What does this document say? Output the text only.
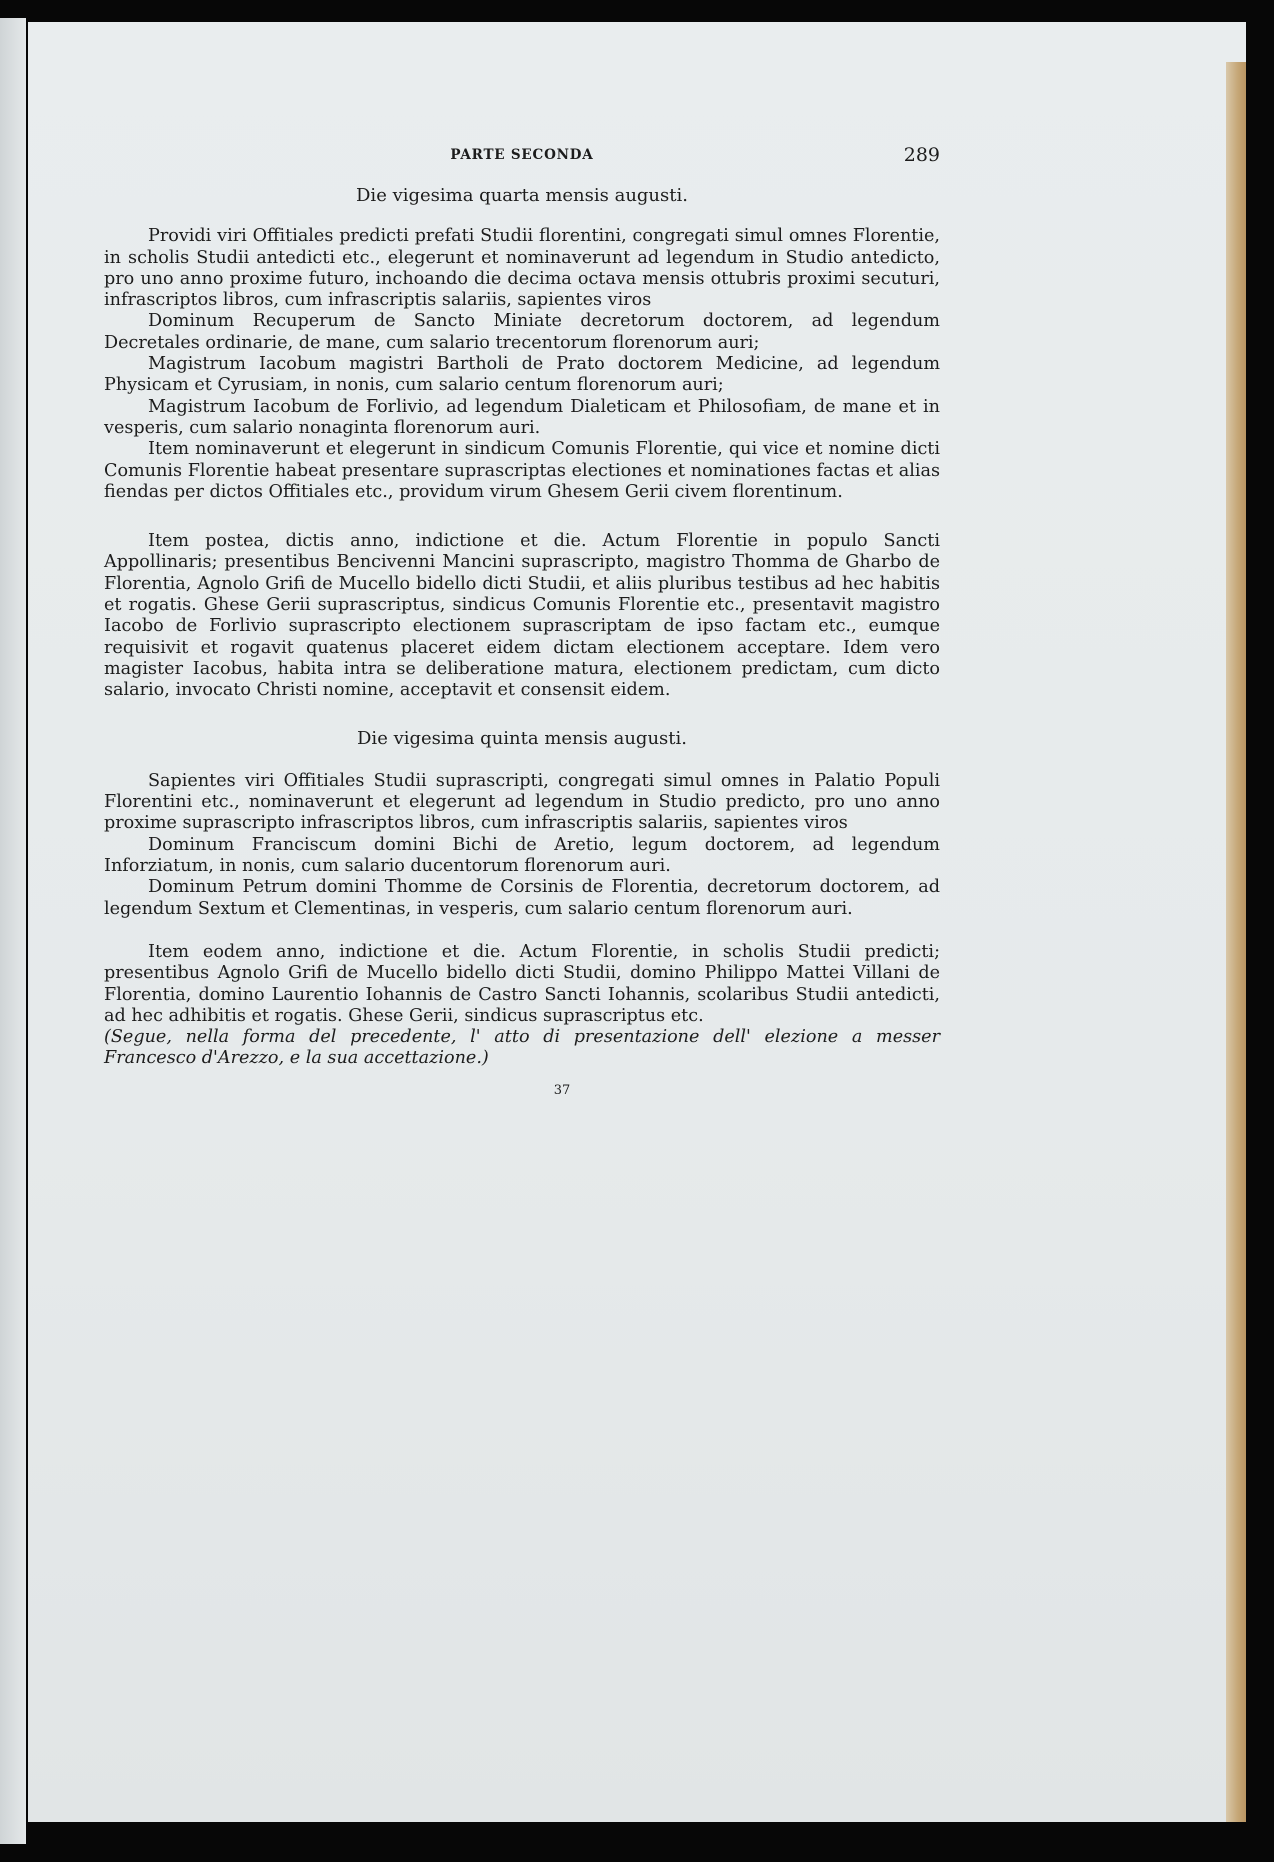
PARTE SECONDA	289
Die vigesima quarta mensis augusti.

Providi viri Offitiales predicti prefati Studii florentini, congregati simul omnes Florentie, in scholis Studii antedicti etc., elegerunt et nominaverunt ad legendum in Studio antedicto, pro uno anno proxime futuro, inchoando die decima octava mensis ottubris proximi secuturi, infrascriptos libros, cum infrascriptis salariis, sapientes viros

Dominum Recuperum de Sancto Miniate decretorum doctorem, ad legendum Decretales ordinarie, de mane, cum salario trecentorum florenorum auri;

Magistrum Iacobum magistri Bartholi de Prato doctorem Medicine, ad legendum Physicam et Cyrusiam, in nonis, cum salario centum florenorum auri;

Magistrum Iacobum de Forlivio, ad legendum Dialeticam et Philosofiam, de mane et in vesperis, cum salario nonaginta florenorum auri.

Item nominaverunt et elegerunt in sindicum Comunis Florentie, qui vice et nomine dicti Comunis Florentie habeat presentare suprascriptas electiones et nominationes factas et alias fiendas per dictos Offitiales etc., providum virum Ghesem Gerii civem florentinum.

Item postea, dictis anno, indictione et die. Actum Florentie in populo Sancti Appollinaris; presentibus Bencivenni Mancini suprascripto, magistro Thomma de Gharbo de Florentia, Agnolo Grifi de Mucello bidello dicti Studii, et aliis pluribus testibus ad hec habitis et rogatis. Ghese Gerii suprascriptus, sindicus Comunis Florentie etc., presentavit magistro Iacobo de Forlivio suprascripto electionem suprascriptam de ipso factam etc., eumque requisivit et rogavit quatenus placeret eidem dictam electionem acceptare. Idem vero magister Iacobus, habita intra se deliberatione matura, electionem predictam, cum dicto salario, invocato Christi nomine, acceptavit et consensit eidem.

Die vigesima quinta mensis augusti.

Sapientes viri Offitiales Studii suprascripti, congregati simul omnes in Palatio Populi Florentini etc., nominaverunt et elegerunt ad legendum in Studio predicto, pro uno anno proxime suprascripto infrascriptos libros, cum infrascriptis salariis, sapientes viros

Dominum Franciscum domini Bichi de Aretio, legum doctorem, ad legendum Inforziatum, in nonis, cum salario ducentorum florenorum auri.

Dominum Petrum domini Thomme de Corsinis de Florentia, decretorum doctorem, ad legendum Sextum et Clementinas, in vesperis, cum salario centum florenorum auri.

Item eodem anno, indictione et die. Actum Florentie, in scholis Studii predicti; presentibus Agnolo Grifi de Mucello bidello dicti Studii, domino Philippo Mattei Villani de Florentia, domino Laurentio Iohannis de Castro Sancti Iohannis, scolaribus Studii antedicti, ad hec adhibitis et rogatis. Ghese Gerii, sindicus suprascriptus etc.

(Segue, nella forma del precedente, l' atto di presentazione dell' elezione a messer Francesco d'Arezzo, e la sua accettazione.)

37
